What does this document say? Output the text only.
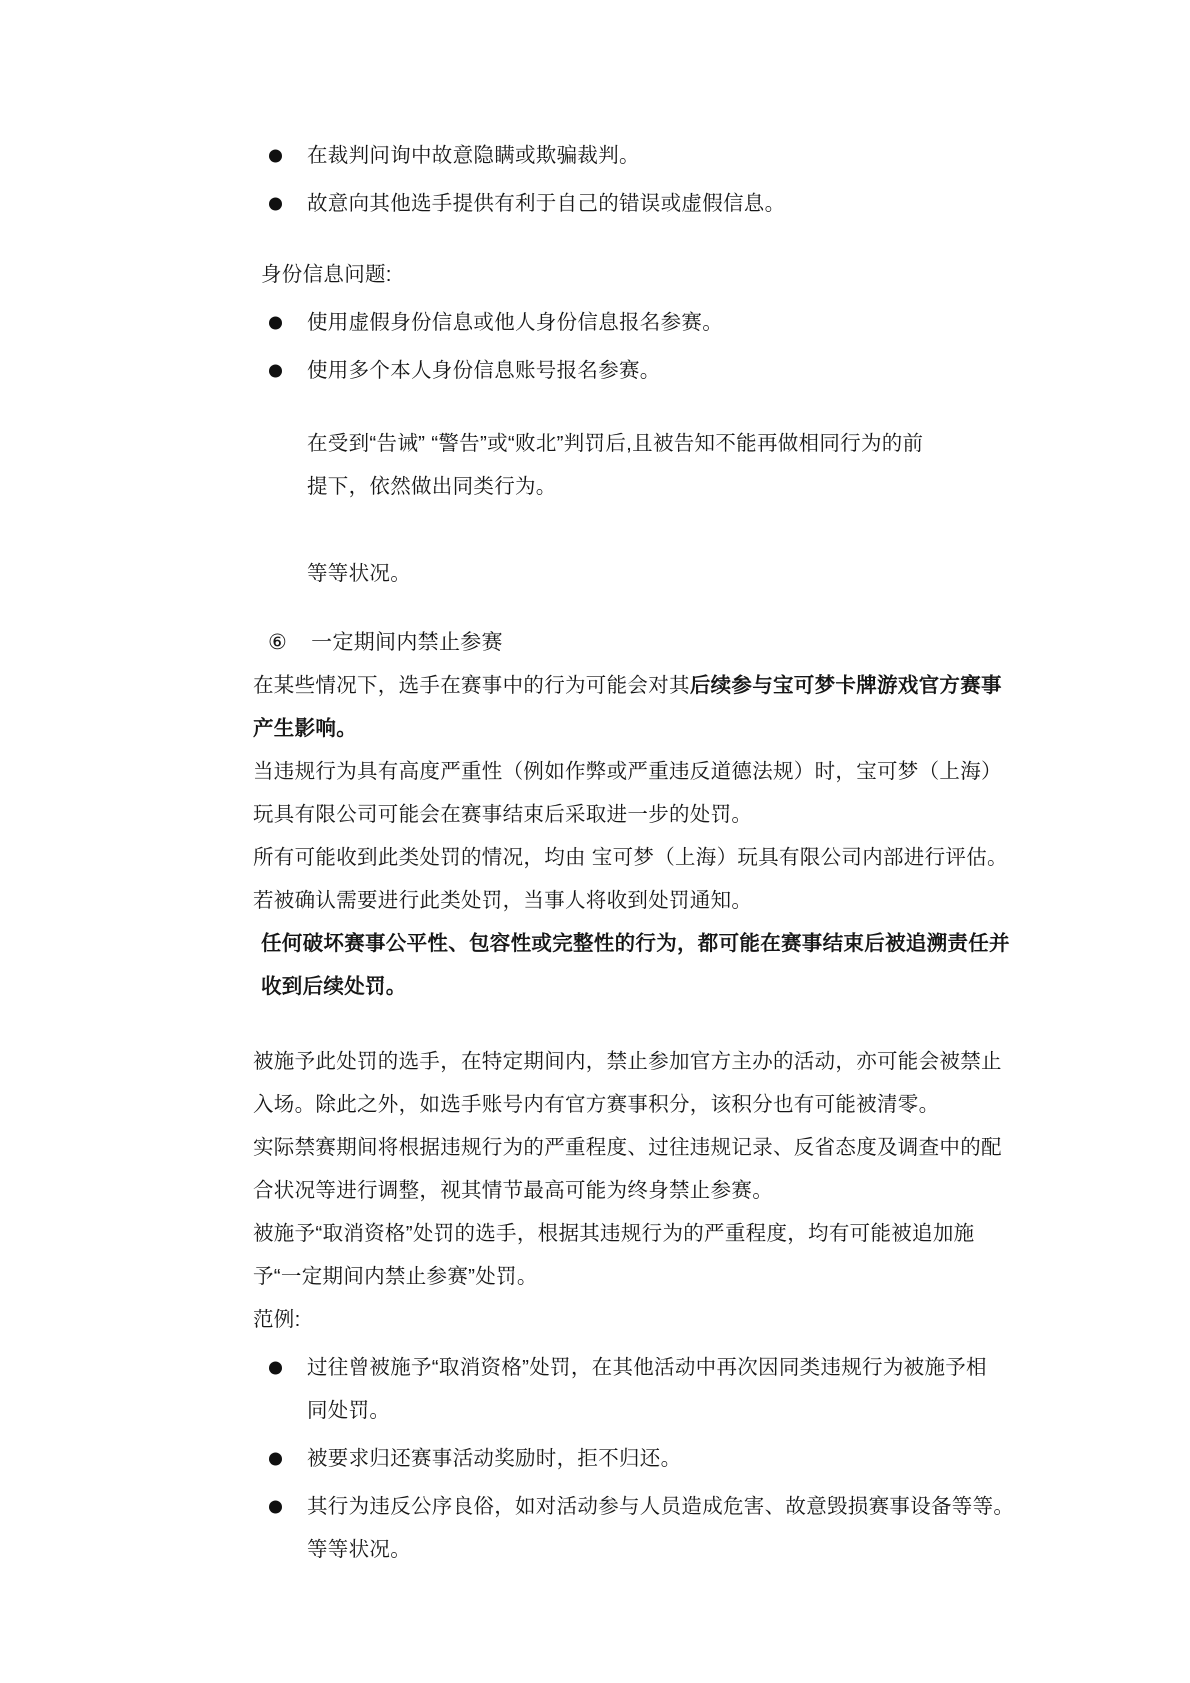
在裁判问询中故意隐瞒或欺骗裁判。
故意向其他选手提供有利于自己的错误或虚假信息。
身份信息问题:
使用虚假身份信息或他人身份信息报名参赛。
使用多个本人身份信息账号报名参赛。
在受到“告诫” “警告”或“败北”判罚后,且被告知不能再做相同行为的前
提下，依然做出同类行为。
等等状况。
⑥ 一定期间内禁止参赛
在某些情况下，选手在赛事中的行为可能会对其后续参与宝可梦卡牌游戏官方赛事
产生影响。
当违规行为具有高度严重性（例如作弊或严重违反道德法规）时，宝可梦（上海）
玩具有限公司可能会在赛事结束后采取进一步的处罚。
所有可能收到此类处罚的情况，均由 宝可梦（上海）玩具有限公司内部进行评估。
若被确认需要进行此类处罚，当事人将收到处罚通知。
任何破坏赛事公平性、包容性或完整性的行为，都可能在赛事结束后被追溯责任并
收到后续处罚。
被施予此处罚的选手，在特定期间内，禁止参加官方主办的活动，亦可能会被禁止
入场。除此之外，如选手账号内有官方赛事积分，该积分也有可能被清零。
实际禁赛期间将根据违规行为的严重程度、过往违规记录、反省态度及调查中的配
合状况等进行调整，视其情节最高可能为终身禁止参赛。
被施予“取消资格”处罚的选手，根据其违规行为的严重程度，均有可能被追加施
予“一定期间内禁止参赛”处罚。
范例:
过往曾被施予“取消资格”处罚，在其他活动中再次因同类违规行为被施予相
同处罚。
被要求归还赛事活动奖励时，拒不归还。
其行为违反公序良俗，如对活动参与人员造成危害、故意毁损赛事设备等等。
等等状况。
